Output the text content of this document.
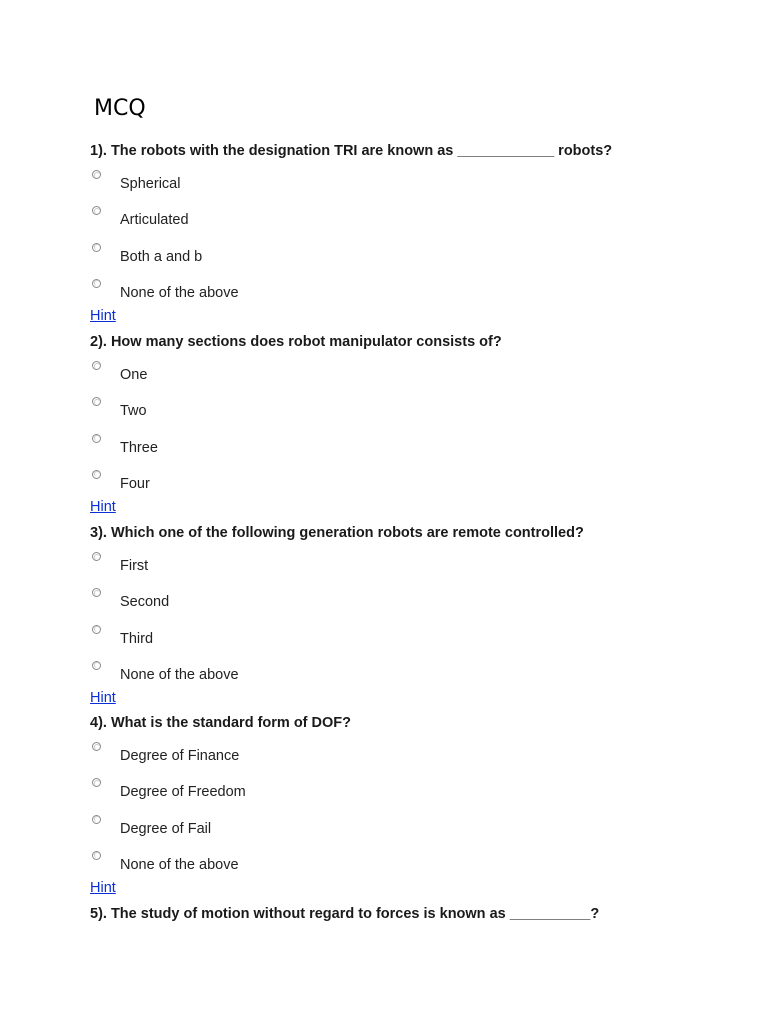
MCQ
1). The robots with the designation TRI are known as ____________ robots?
Spherical
Articulated
Both a and b
None of the above
Hint
2). How many sections does robot manipulator consists of?
One
Two
Three
Four
Hint
3). Which one of the following generation robots are remote controlled?
First
Second
Third
None of the above
Hint
4). What is the standard form of DOF?
Degree of Finance
Degree of Freedom
Degree of Fail
None of the above
Hint
5). The study of motion without regard to forces is known as __________?
